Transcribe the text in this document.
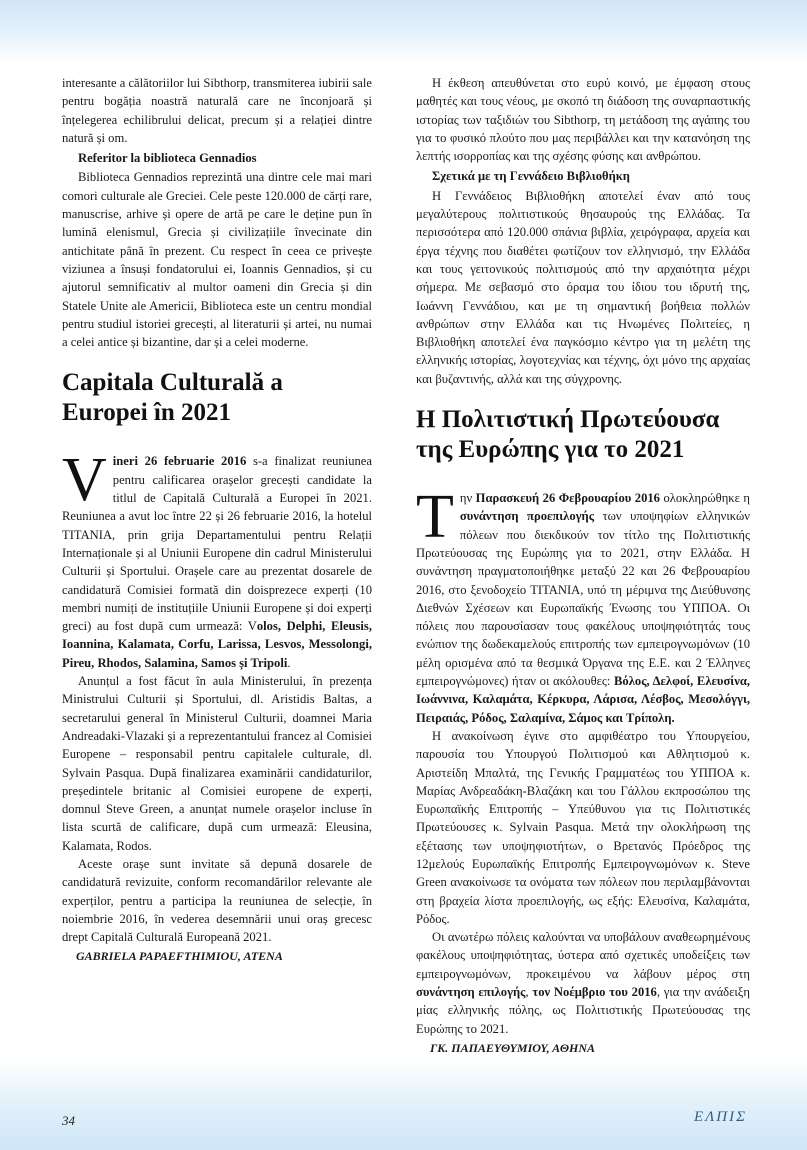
interesante a călătoriilor lui Sibthorp, transmiterea iubirii sale pentru bogăția noastră naturală care ne înconjoară și înțelegerea echilibrului delicat, precum și a relației dintre natură și om.

Referitor la biblioteca Gennadios

Biblioteca Gennadios reprezintă una dintre cele mai mari comori culturale ale Greciei. Cele peste 120.000 de cărți rare, manuscrise, arhive și opere de artă pe care le deține pun în lumină elenismul, Grecia și civilizațiile învecinate din antichitate până în prezent. Cu respect în ceea ce privește viziunea a însuși fondatorului ei, Ioannis Gennadios, și cu ajutorul semnificativ al multor oameni din Grecia și din Statele Unite ale Americii, Biblioteca este un centru mondial pentru studiul istoriei grecești, al literaturii și artei, nu numai a celei antice și bizantine, dar și a celei moderne.

Capitala Culturală a Europei în 2021

Vineri 26 februarie 2016 s-a finalizat reuniunea pentru calificarea orașelor grecești candidate la titlul de Capitală Culturală a Europei în 2021. Reuniunea a avut loc între 22 și 26 februarie 2016, la hotelul TITANIA, prin grija Departamentului pentru Relații Internaționale și al Uniunii Europene din cadrul Ministerului Culturii și Sportului. Orașele care au prezentat dosarele de candidatură Comisiei formată din doisprezece experți (10 membri numiți de instituțiile Uniunii Europene și doi experți greci) au fost după cum urmează: Volos, Delphi, Eleusis, Ioannina, Kalamata, Corfu, Larissa, Lesvos, Messolongi, Pireu, Rhodos, Salamina, Samos și Tripoli.

Anunțul a fost făcut în aula Ministerului, în prezența Ministrului Culturii și Sportului, dl. Aristidis Baltas, a secretarului general în Ministerul Culturii, doamnei Maria Andreadaki-Vlazaki și a reprezentantului francez al Comisiei Europene – responsabil pentru capitalele culturale, dl. Sylvain Pasqua. După finalizarea examinării candidaturilor, președintele britanic al Comisiei europene de experți, domnul Steve Green, a anunțat numele orașelor incluse în lista scurtă de calificare, după cum urmează: Eleusina, Kalamata, Rodos.

Aceste orașe sunt invitate să depună dosarele de candidatură revizuite, conform recomandărilor relevante ale experților, pentru a participa la reuniunea de selecție, în noiembrie 2016, în vederea desemnării unui oraș grecesc drept Capitală Culturală Europeană 2021.

GABRIELA PAPAEFTHIMIOU, ATENA

Η έκθεση απευθύνεται στο ευρύ κοινό, με έμφαση στους μαθητές και τους νέους, με σκοπό τη διάδοση της συναρπαστικής ιστορίας των ταξιδιών του Sibthorp, τη μετάδοση της αγάπης του για το φυσικό πλούτο που μας περιβάλλει και την κατανόηση της λεπτής ισορροπίας και της σχέσης φύσης και ανθρώπου.

Σχετικά με τη Γεννάδειο Βιβλιοθήκη

Η Γεννάδειος Βιβλιοθήκη αποτελεί έναν από τους μεγαλύτερους πολιτιστικούς θησαυρούς της Ελλάδας. Τα περισσότερα από 120.000 σπάνια βιβλία, χειρόγραφα, αρχεία και έργα τέχνης που διαθέτει φωτίζουν τον ελληνισμό, την Ελλάδα και τους γειτονικούς πολιτισμούς από την αρχαιότητα μέχρι σήμερα. Με σεβασμό στο όραμα του ίδιου του ιδρυτή της, Ιωάννη Γεννάδιου, και με τη σημαντική βοήθεια πολλών ανθρώπων στην Ελλάδα και τις Ηνωμένες Πολιτείες, η Βιβλιοθήκη αποτελεί ένα παγκόσμιο κέντρο για τη μελέτη της ελληνικής ιστορίας, λογοτεχνίας και τέχνης, όχι μόνο της αρχαίας και βυζαντινής, αλλά και της σύγχρονης.

Η Πολιτιστική Πρωτεύουσα της Ευρώπης για το 2021

Την Παρασκευή 26 Φεβρουαρίου 2016 ολοκληρώθηκε η συνάντηση προεπιλογής των υποψηφίων ελληνικών πόλεων που διεκδικούν τον τίτλο της Πολιτιστικής Πρωτεύουσας της Ευρώπης για το 2021, στην Ελλάδα. Η συνάντηση πραγματοποιήθηκε μεταξύ 22 και 26 Φεβρουαρίου 2016, στο ξενοδοχείο TITANIA, υπό τη μέριμνα της Διεύθυνσης Διεθνών Σχέσεων και Ευρωπαϊκής Ένωσης του ΥΠΠΟΑ. Οι πόλεις που παρουσίασαν τους φακέλους υποψηφιότητάς τους ενώπιον της δωδεκαμελούς επιτροπής των εμπειρογνωμόνων (10 μέλη ορισμένα από τα θεσμικά Όργανα της Ε.Ε. και 2 Έλληνες εμπειρογνώμονες) ήταν οι ακόλουθες: Βόλος, Δελφοί, Ελευσίνα, Ιωάννινα, Καλαμάτα, Κέρκυρα, Λάρισα, Λέσβος, Μεσολόγγι, Πειραιάς, Ρόδος, Σαλαμίνα, Σάμος και Τρίπολη.

Η ανακοίνωση έγινε στο αμφιθέατρο του Υπουργείου, παρουσία του Υπουργού Πολιτισμού και Αθλητισμού κ. Αριστείδη Μπαλτά, της Γενικής Γραμματέως του ΥΠΠΟΑ κ. Μαρίας Ανδρεαδάκη-Βλαζάκη και του Γάλλου εκπροσώπου της Ευρωπαϊκής Επιτροπής – Υπεύθυνου για τις Πολιτιστικές Πρωτεύουσες κ. Sylvain Pasqua. Μετά την ολοκλήρωση της εξέτασης των υποψηφιοτήτων, ο Βρετανός Πρόεδρος της 12μελούς Ευρωπαϊκής Επιτροπής Εμπειρογνωμόνων κ. Steve Green ανακοίνωσε τα ονόματα των πόλεων που περιλαμβάνονται στη βραχεία λίστα προεπιλογής, ως εξής: Ελευσίνα, Καλαμάτα, Ρόδος.

Οι ανωτέρω πόλεις καλούνται να υποβάλουν αναθεωρημένους φακέλους υποψηφιότητας, ύστερα από σχετικές υποδείξεις των εμπειρογνωμόνων, προκειμένου να λάβουν μέρος στη συνάντηση επιλογής, τον Νοέμβριο του 2016, για την ανάδειξη μίας ελληνικής πόλης, ως Πολιτιστικής Πρωτεύουσας της Ευρώπης το 2021.

ΓΚ. ΠΑΠΑΕΥΘΥΜΙΟΥ, ΑΘΗΝΑ

34	ΕΛΠΙΣ
